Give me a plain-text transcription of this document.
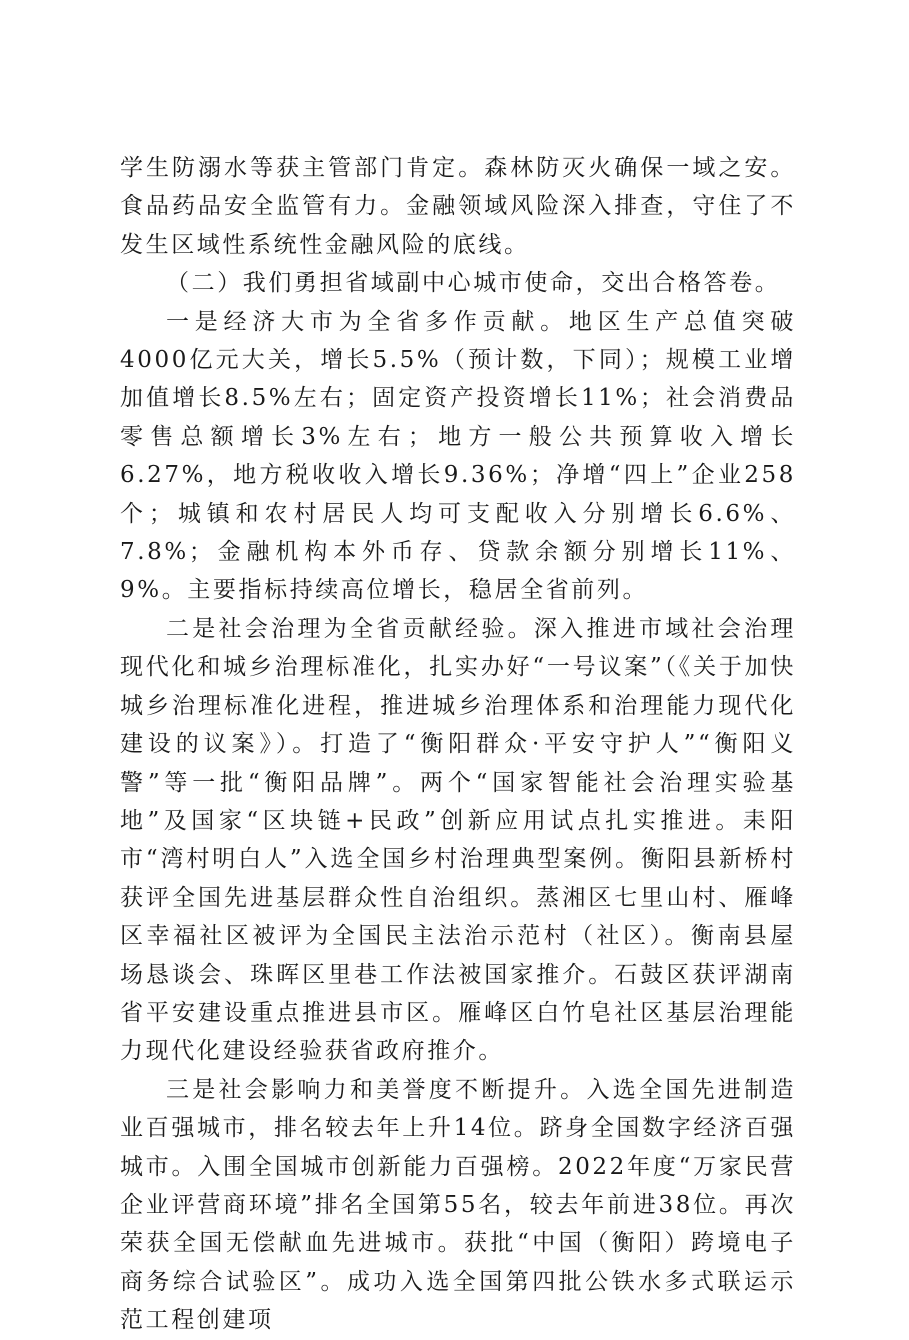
学生防溺水等获主管部门肯定。森林防灭火确保一域之安。食品药品安全监管有力。金融领域风险深入排查，守住了不发生区域性系统性金融风险的底线。

（二）我们勇担省域副中心城市使命，交出合格答卷。

一是经济大市为全省多作贡献。地区生产总值突破4000亿元大关，增长5.5%（预计数，下同）；规模工业增加值增长8.5%左右；固定资产投资增长11%；社会消费品零售总额增长3%左右；地方一般公共预算收入增长6.27%，地方税收收入增长9.36%；净增“四上”企业258个；城镇和农村居民人均可支配收入分别增长6.6%、7.8%；金融机构本外币存、贷款余额分别增长11%、9%。主要指标持续高位增长，稳居全省前列。

二是社会治理为全省贡献经验。深入推进市域社会治理现代化和城乡治理标准化，扎实办好“一号议案”（《关于加快城乡治理标准化进程，推进城乡治理体系和治理能力现代化建设的议案》）。打造了“衡阳群众·平安守护人”“衡阳义警”等一批“衡阳品牌”。两个“国家智能社会治理实验基地”及国家“区块链+民政”创新应用试点扎实推进。耒阳市“湾村明白人”入选全国乡村治理典型案例。衡阳县新桥村获评全国先进基层群众性自治组织。蒸湘区七里山村、雁峰区幸福社区被评为全国民主法治示范村（社区）。衡南县屋场恳谈会、珠晖区里巷工作法被国家推介。石鼓区获评湖南省平安建设重点推进县市区。雁峰区白竹皂社区基层治理能力现代化建设经验获省政府推介。

三是社会影响力和美誉度不断提升。入选全国先进制造业百强城市，排名较去年上升14位。跻身全国数字经济百强城市。入围全国城市创新能力百强榜。2022年度“万家民营企业评营商环境”排名全国第55名，较去年前进38位。再次荣获全国无偿献血先进城市。获批“中国（衡阳）跨境电子商务综合试验区”。成功入选全国第四批公铁水多式联运示范工程创建项
